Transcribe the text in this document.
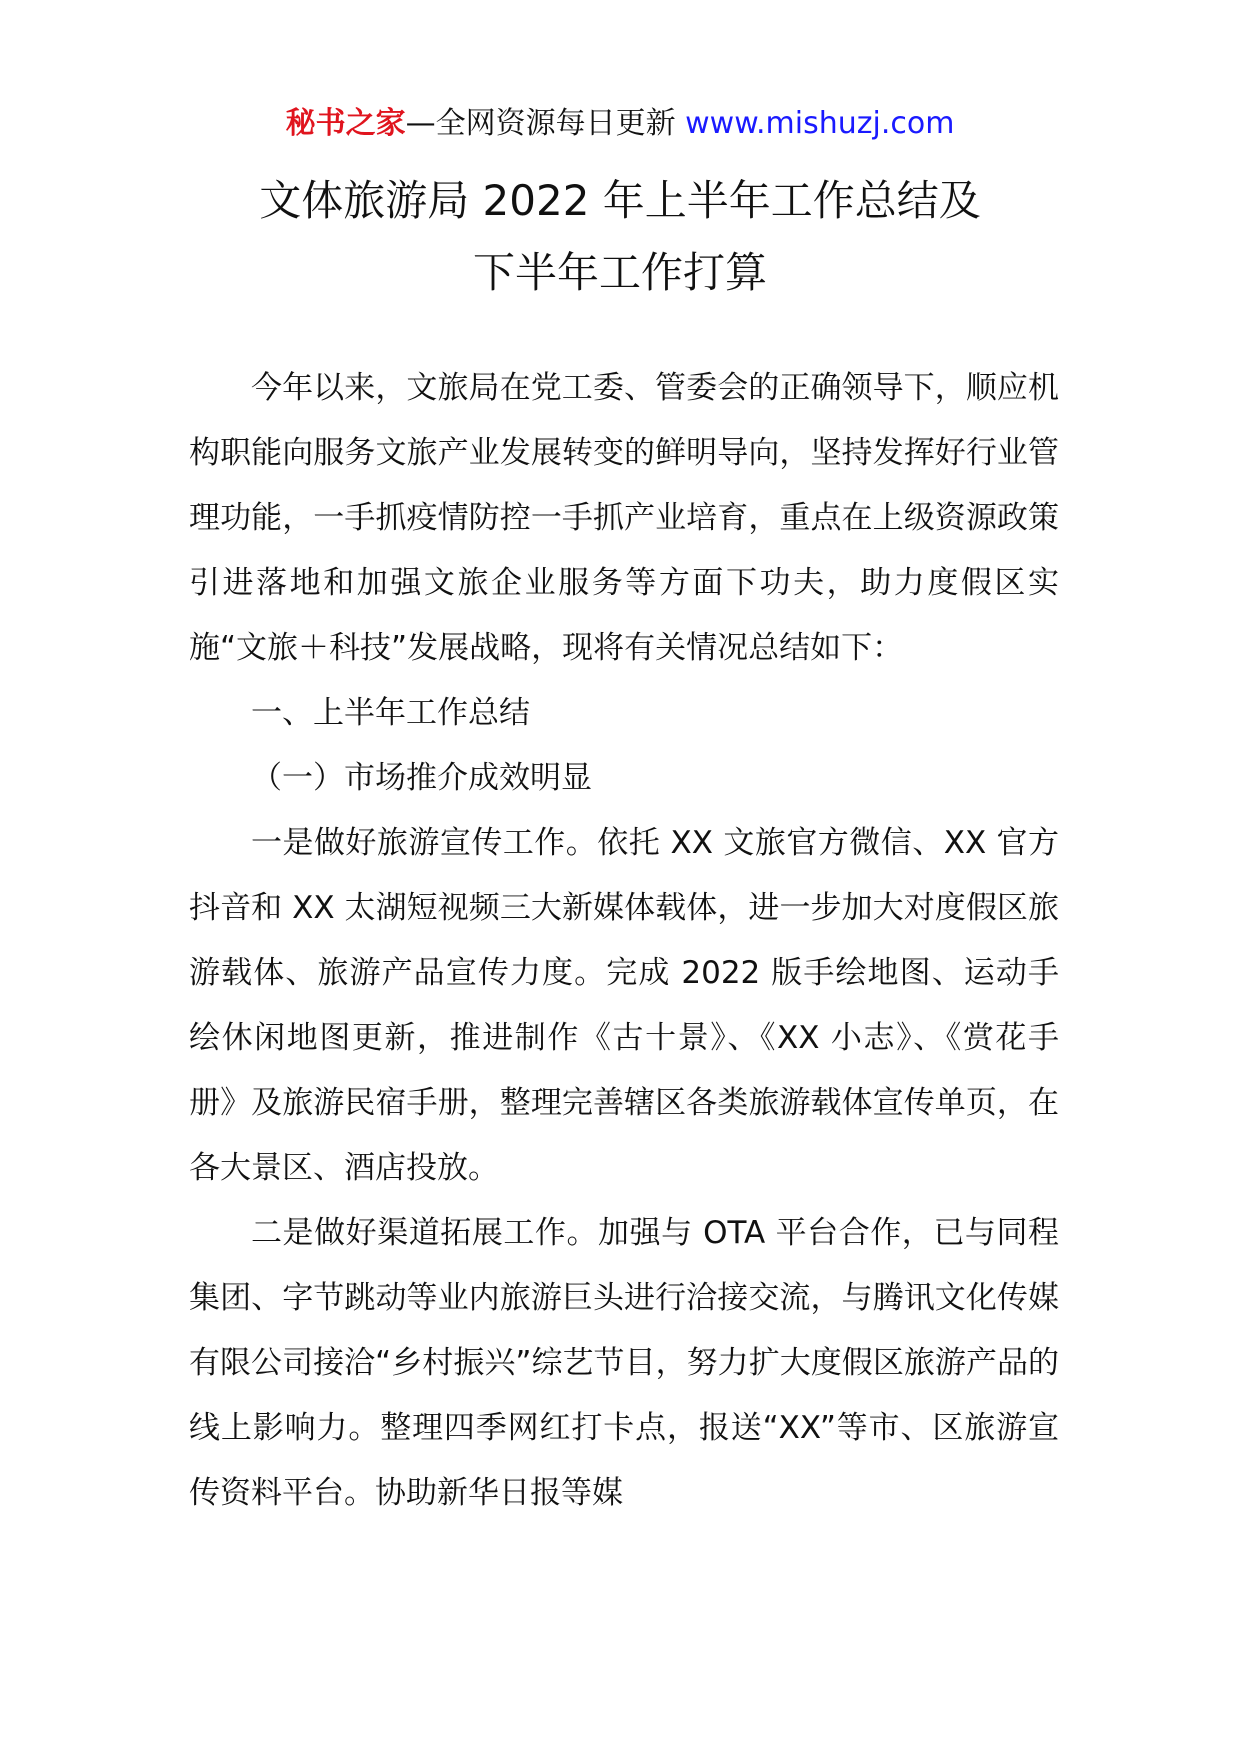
秘书之家—全网资源每日更新 www.mishuzj.com
文体旅游局 2022 年上半年工作总结及
下半年工作打算

今年以来，文旅局在党工委、管委会的正确领导下，顺应机构职能向服务文旅产业发展转变的鲜明导向，坚持发挥好行业管理功能，一手抓疫情防控一手抓产业培育，重点在上级资源政策引进落地和加强文旅企业服务等方面下功夫，助力度假区实施“文旅＋科技”发展战略，现将有关情况总结如下：

一、上半年工作总结

（一）市场推介成效明显

一是做好旅游宣传工作。依托 XX 文旅官方微信、XX 官方抖音和 XX 太湖短视频三大新媒体载体，进一步加大对度假区旅游载体、旅游产品宣传力度。完成 2022 版手绘地图、运动手绘休闲地图更新，推进制作《古十景》、《XX 小志》、《赏花手册》及旅游民宿手册，整理完善辖区各类旅游载体宣传单页，在各大景区、酒店投放。

二是做好渠道拓展工作。加强与 OTA 平台合作，已与同程集团、字节跳动等业内旅游巨头进行洽接交流，与腾讯文化传媒有限公司接洽“乡村振兴”综艺节目，努力扩大度假区旅游产品的线上影响力。整理四季网红打卡点，报送“XX”等市、区旅游宣传资料平台。协助新华日报等媒
